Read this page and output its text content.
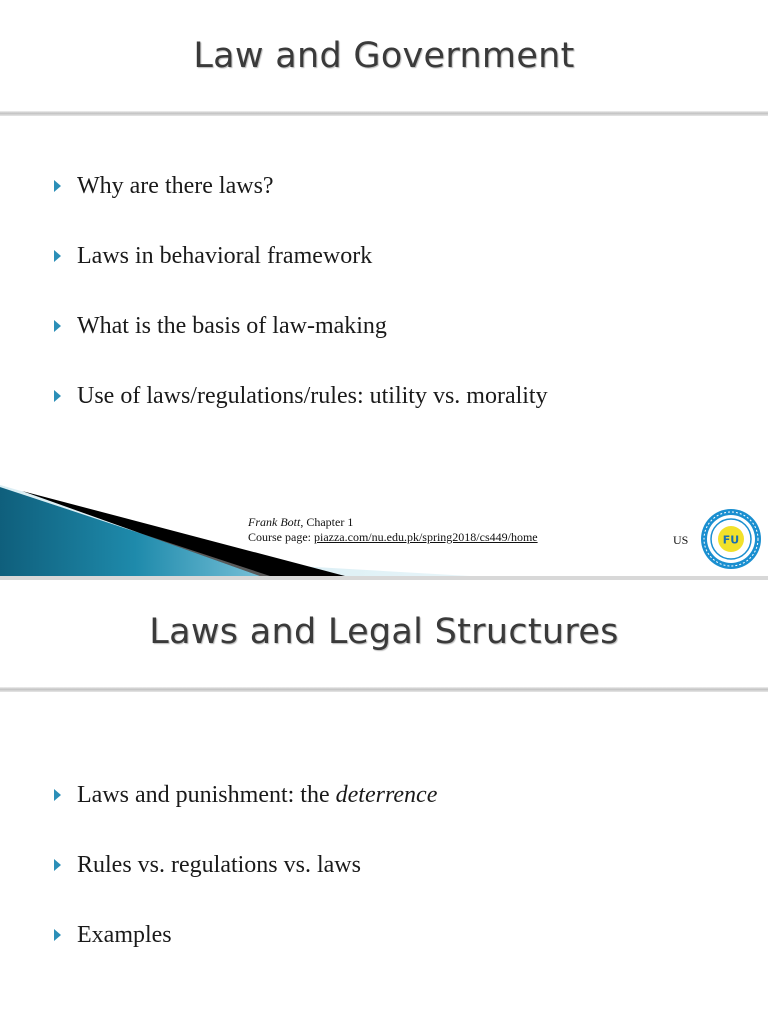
Law and Government
Why are there laws?
Laws in behavioral framework
What is the basis of law-making
Use of laws/regulations/rules: utility vs. morality
Frank Bott, Chapter 1
Course page: piazza.com/nu.edu.pk/spring2018/cs449/home	US	FU
Laws and Legal Structures
Laws and punishment: the deterrence
Rules vs. regulations vs. laws
Examples
